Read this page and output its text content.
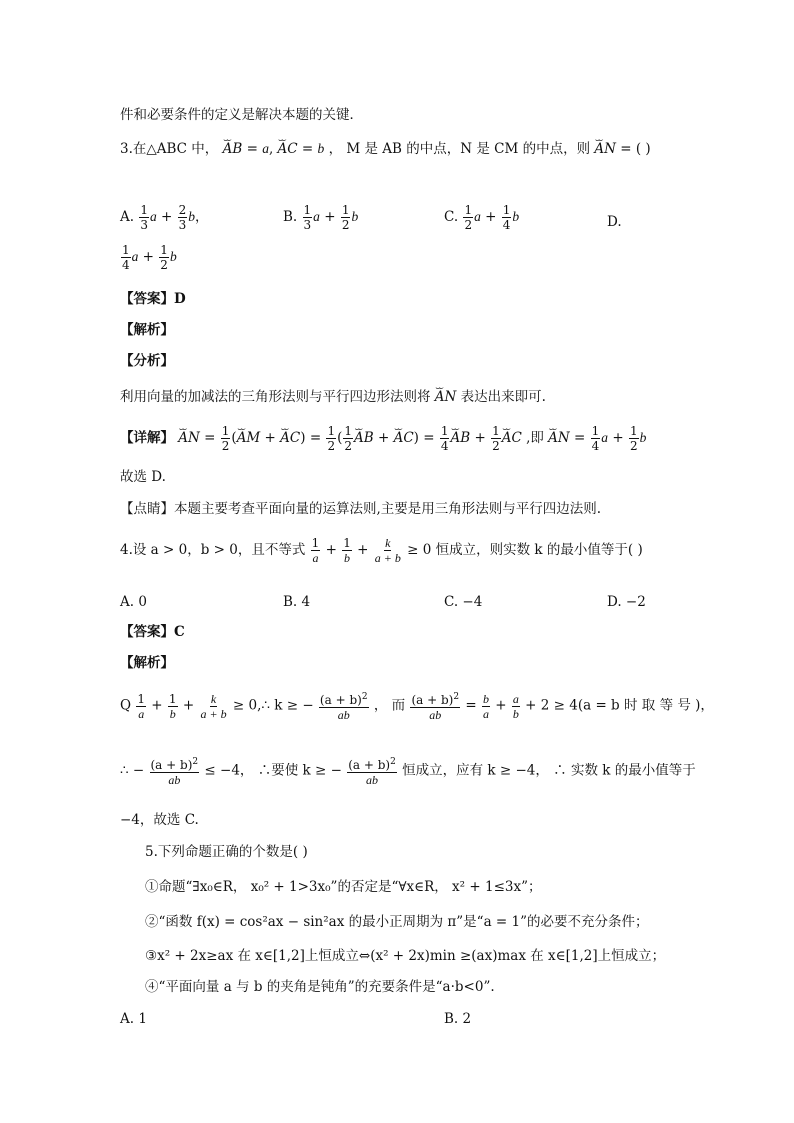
件和必要条件的定义是解决本题的关键．
3.在△ABC 中， ⌣⌣ AB = a, ⌣⌣ AC = b ， M 是 AB 的中点，N 是 CM 的中点，则 ⌣⌣ AN = ( )
A. $\frac{1}{3}$ $a + \frac{2}{3}$ b，	B. $\frac{1}{3}$ $a + \frac{1}{2}$ b	C. $\frac{1}{2}$ $a + \frac{1}{4}$ b	D.
$\frac{1}{4}$ $a + \frac{1}{2}$ b
【答案】D
【解析】
【分析】
利用向量的加减法的三角形法则与平行四边形法则将 ⌣⌣ AN 表达出来即可.
【详解】 ⌣⌣ AN = $\frac{1}{2}$ (⌣⌣ AM + ⌣⌣ $AC) = \frac{1}{2}$ ( $\frac{1}{2}$ ⌣⌣ AB + ⌣⌣ $AC) = \frac{1}{4}$ ⌣⌣ AB + $\frac{1}{2}$ ⌣⌣ AC ,即 ⌣⌣ AN = $\frac{1}{4}$ $a + \frac{1}{2}$ b
故选 D.
【点睛】本题主要考查平面向量的运算法则,主要是用三角形法则与平行四边法则.
4.设 a > 0，b > 0，且不等式 $\frac{1}{a} + \frac{1}{b} + \frac{k}{a + b} \ge 0$ 恒成立，则实数 k 的最小值等于( )
A. 0	B. 4	C. −4	D. −2
【答案】C
【解析】
Q $\frac{1}{a} + \frac{1}{b} + \frac{k}{a + b}$ ≥ 0,∴ k ≥ − $\frac{(a + b)^2}{ab}$ ， 而 $\frac{(a + b)^2}{ab} = \frac{b}{a} + \frac{a}{b} + 2 \ge 4(a = b$ 时 取 等 号 )，
∴ − $\frac{(a + b)^2}{ab} \le -4$， ∴要使 k ≥ − $\frac{(a + b)^2}{ab}$ 恒成立，应有 k ≥ −4， ∴ 实数 k 的最小值等于
−4，故选 C.
5.下列命题正确的个数是( )
①命题“∃x₀∈R， x₀² + 1>3x₀”的否定是“∀x∈R， x² + 1≤3x”；
②“函数 f(x) = cos²ax − sin²ax 的最小正周期为 π”是“a = 1”的必要不充分条件；
③x² + 2x≥ax 在 x∈[1,2]上恒成立⇔(x² + 2x)min ≥(ax)max 在 x∈[1,2]上恒成立；
④“平面向量 a 与 b 的夹角是钝角”的充要条件是“a·b<0”.
A. 1	B. 2
